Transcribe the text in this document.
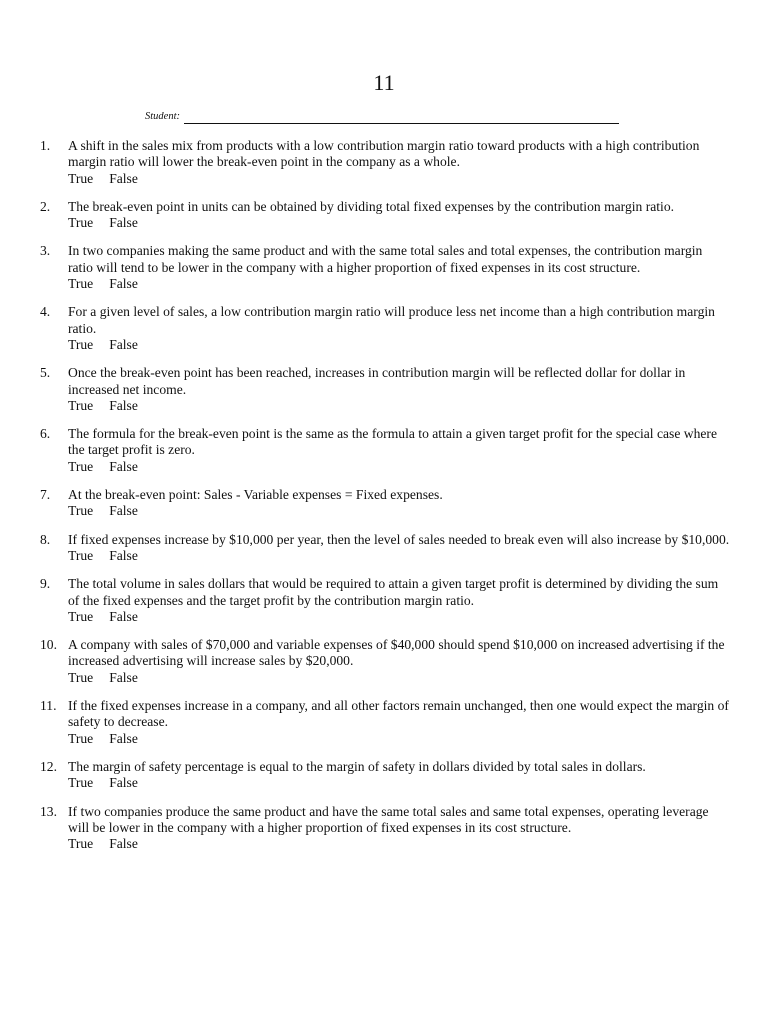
11
Student:
1.	A shift in the sales mix from products with a low contribution margin ratio toward products with a high contribution margin ratio will lower the break-even point in the company as a whole.
True False
2.	The break-even point in units can be obtained by dividing total fixed expenses by the contribution margin ratio.
True False
3.	In two companies making the same product and with the same total sales and total expenses, the contribution margin ratio will tend to be lower in the company with a higher proportion of fixed expenses in its cost structure.
True False
4.	For a given level of sales, a low contribution margin ratio will produce less net income than a high contribution margin ratio.
True False
5.	Once the break-even point has been reached, increases in contribution margin will be reflected dollar for dollar in increased net income.
True False
6.	The formula for the break-even point is the same as the formula to attain a given target profit for the special case where the target profit is zero.
True False
7.	At the break-even point: Sales - Variable expenses = Fixed expenses.
True False
8.	If fixed expenses increase by $10,000 per year, then the level of sales needed to break even will also increase by $10,000.
True False
9.	The total volume in sales dollars that would be required to attain a given target profit is determined by dividing the sum of the fixed expenses and the target profit by the contribution margin ratio.
True False
10. A company with sales of $70,000 and variable expenses of $40,000 should spend $10,000 on increased advertising if the increased advertising will increase sales by $20,000.
True False
11. If the fixed expenses increase in a company, and all other factors remain unchanged, then one would expect the margin of safety to decrease.
True False
12. The margin of safety percentage is equal to the margin of safety in dollars divided by total sales in dollars.
True False
13. If two companies produce the same product and have the same total sales and same total expenses, operating leverage will be lower in the company with a higher proportion of fixed expenses in its cost structure.
True False
